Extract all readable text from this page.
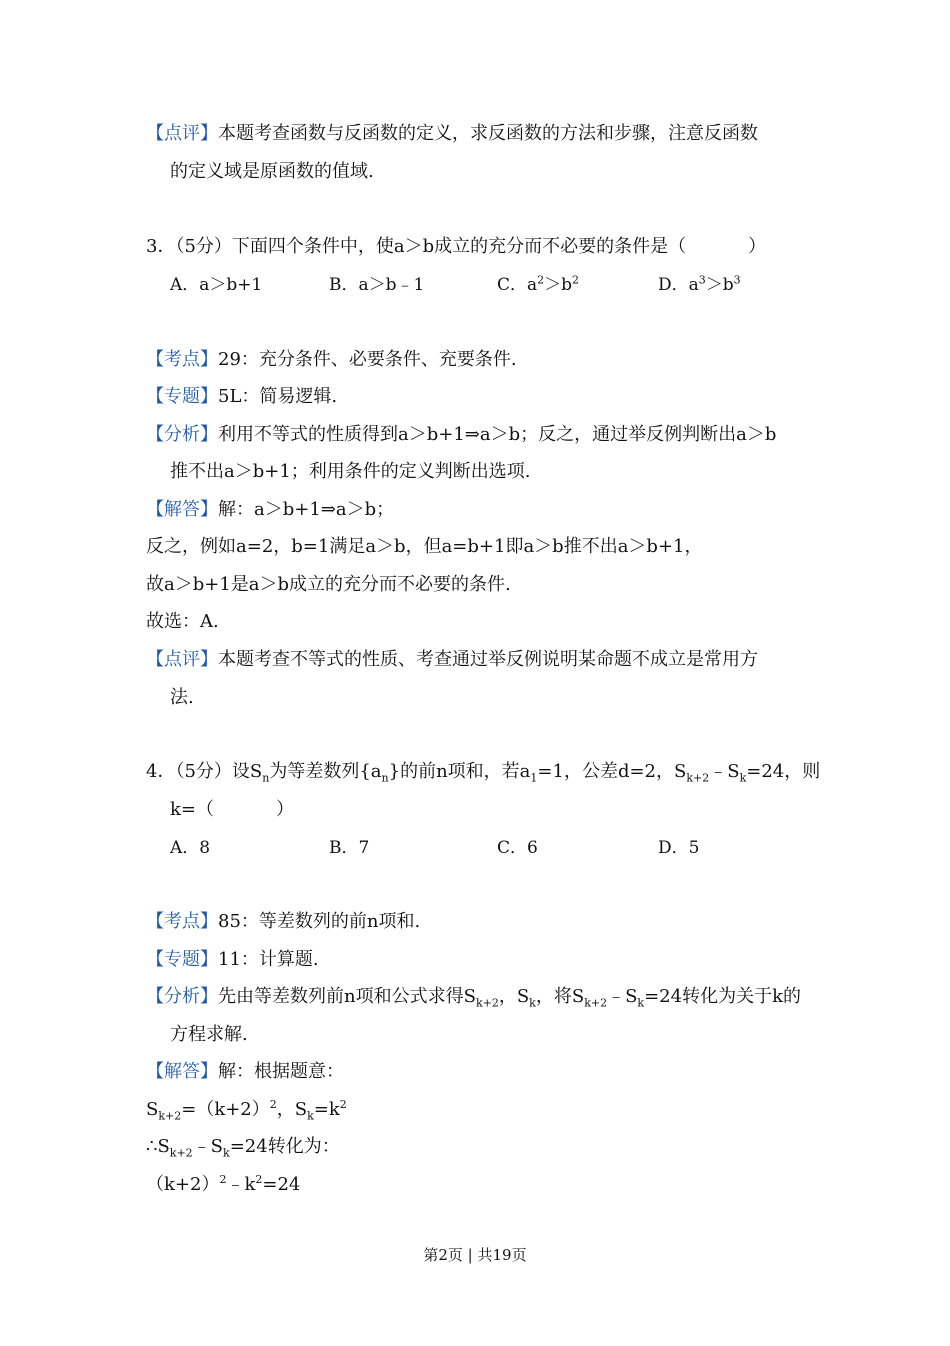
【点评】本题考查函数与反函数的定义，求反函数的方法和步骤，注意反函数
的定义域是原函数的值域.
3．（5分）下面四个条件中，使a＞b成立的充分而不必要的条件是（	）
A．a＞b+1	B．a＞b﹣1	C．$a^2>b^2$	D．$a^3>b^3$
【考点】29：充分条件、必要条件、充要条件.
【专题】5L：简易逻辑.
【分析】利用不等式的性质得到a＞b+1⇒a＞b；反之，通过举反例判断出a＞b
推不出a＞b+1；利用条件的定义判断出选项.
【解答】解：a＞b+1⇒a＞b；
反之，例如a=2，b=1满足a＞b，但a=b+1即a＞b推不出a＞b+1，
故a＞b+1是a＞b成立的充分而不必要的条件.
故选：A.
【点评】本题考查不等式的性质、考查通过举反例说明某命题不成立是常用方
法.
4．（5分）设$S_n$为等差数列$\{a_n\}$的前n项和，若$a_1=1$，公差d=2，$S_{k+2}﹣S_k=24$，则
k=（	）
A．8	B．7	C．6	D．5
【考点】85：等差数列的前n项和.
【专题】11：计算题.
【分析】先由等差数列前n项和公式求得$S_{k+2}$，$S_k$，将$S_{k+2}﹣S_k=24$转化为关于k的
方程求解.
【解答】解：根据题意：
$S_{k+2}=(k+2)^2$，$S_k=k^2$
$\therefore S_{k+2}﹣S_k=24$转化为：
$(k+2)^2﹣k^2=24$
第2页 | 共19页
